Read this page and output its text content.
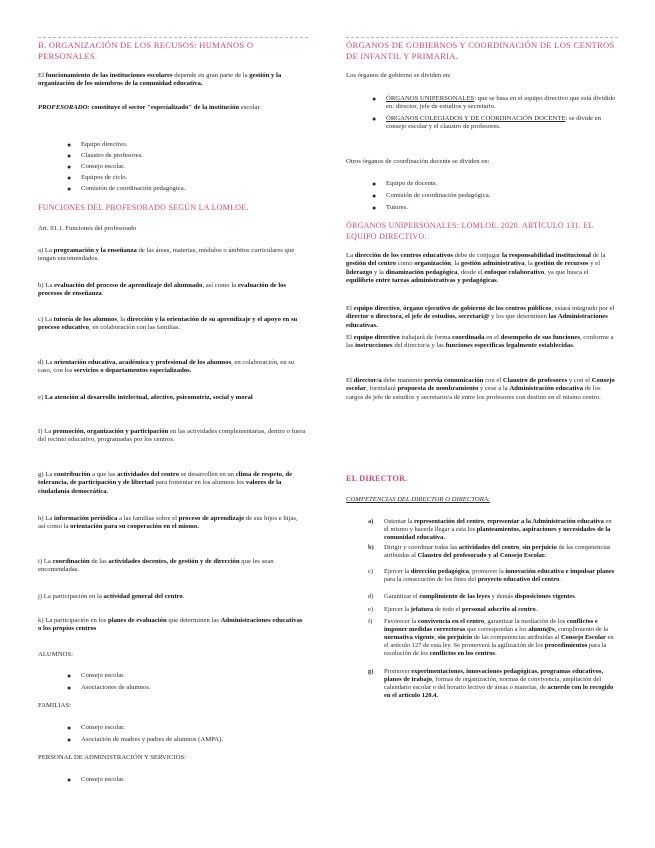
B. ORGANIZACIÓN DE LOS RECUSOS: HUMANOS O PERSONALES.
El funcionamiento de las instituciones escolares depende en gran parte de la gestión y la organización de los miembros de la comunidad educativa.
PROFESORADO: constituye el sector "especializado" de la institución escolar.
● Equipo directivo.
● Claustro de profesores.
● Consejo escolar.
● Equipos de ciclo.
● Comisión de coordinación pedagógica.
FUNCIONES DEL PROFESORADO SEGÚN LA LOMLOE.
Art. 91.1. Funciones del profesorado
a) La programación y la enseñanza de las áreas, materias, módulos o ámbitos curriculares que tengan encomendados.
b) La evaluación del proceso de aprendizaje del alumnado, así como la evaluación de los procesos de enseñanza.
c) La tutoría de los alumnos, la dirección y la orientación de su aprendizaje y el apoyo en su proceso educativo, en colaboración con las familias.
d) La orientación educativa, académica y profesional de los alumnos, en colaboración, en su caso, con los servicios o departamentos especializados.
e) La atención al desarrollo intelectual, afectivo, psicomotriz, social y moral
f) La promoción, organización y participación en las actividades complementarias, dentro o fuera del recinto educativo, programadas por los centros.
g) La contribución a que las actividades del centro se desarrollen en un clima de respeto, de tolerancia, de participación y de libertad para fomentar en los alumnos los valores de la ciudadanía democrática.
h) La información periódica a las familias sobre el proceso de aprendizaje de sus hijos e hijas, así como la orientación para su cooperación en el mismo.
i) La coordinación de las actividades docentes, de gestión y de dirección que les sean encomendadas.
j) La participación en la actividad general del centro.
k) La participación en los planes de evaluación que determinen las Administraciones educativas o los propios centros
ALUMNOS:
● Consejo escolar.
● Asociaciones de alumnos.
FAMILIAS:
● Consejo escolar.
● Asociación de madres y padres de alumnos (AMPA).
PERSONAL DE ADMINISTRACIÓN Y SERVICIOS:
● Consejo escolar.
ÓRGANOS DE GOBIERNOS Y COORDINACIÓN DE LOS CENTROS DE INFANTIL Y PRIMARIA.
Los órganos de gobierno se dividen en:
● ÓRGANOS UNIPERSONALES: que se basa en el equipo directivo que está dividido en: director, jefe de estudios y secretario.
● ÓRGANOS COLEGIADOS Y DE COORDINACIÓN DOCENTE: se divide en consejo escolar y el claustro de profesores.
Otros órganos de coordinación docente se dividen en:
● Equipo de docente.
● Comisión de coordinación pedagógica.
● Tutores.
ÓRGANOS UNIPERSONALES: LOMLOE. 2020. ARTÍCULO 131. EL EQUIPO DIRECTIVO.
La dirección de los centros educativos debe de conjugar la responsabilidad institucional de la gestión del centro como organización, la gestión administrativa, la gestión de recursos y el liderazgo y la dinamización pedagógica, desde el enfoque colaborativo, ya que busca el equilibrio entre tareas administrativas y pedagógicas.
El equipo directivo, órgano ejecutivo de gobierno de los centros públicos, estará integrado por el director o directora, el jefe de estudios, secretari@ y los que determinen las Administraciones educativas.
El equipo directivo trabajará de forma coordinada en el desempeño de sus funciones, conforme a las instrucciones del director/a y las funciones específicas legalmente establecidas.
El director/a debe mantener previa comunicación con el Claustro de profesores y con el Consejo escolar, formulará propuesta de nombramiento y cese a la Administración educativa de los cargos de jefe de estudios y secretario/a de entre los profesores con destino en el mismo centro.
EL DIRECTOR.
COMPETENCIAS DEL DIRECTOR O DIRECTORA:
a) Ostentar la representación del centro, representar a la Administración educativa en el mismo y hacerle llegar a esta los planteamientos, aspiraciones y necesidades de la comunidad educativa.
b) Dirigir y coordinar todas las actividades del centro, sin perjuicio de las competencias atribuidas al Claustro del profesorado y al Consejo Escolar.
c) Ejercer la dirección pedagógica, promover la innovación educativa e impulsar planes para la consecución de los fines del proyecto educativo del centro.
d) Garantizar el cumplimiento de las leyes y demás disposiciones vigentes.
e) Ejercer la jefatura de todo el personal adscrito al centro.
f) Favorecer la convivencia en el centro, garantizar la mediación de los conflictos e imponer medidas correctoras que correspondan a los alumn@s, cumplimiento de la normativa vigente, sin perjuicio de las competencias atribuidas al Consejo Escolar en el artículo 127 de esta ley. Se promoverá la agilización de los procedimientos para la resolución de los conflictos en los centros.
g) Promover experimentaciones, innovaciones pedagógicas, programas educativos, planes de trabajo, formas de organización, normas de convivencia, ampliación del calendario escolar o del horario lectivo de áreas o materias, de acuerdo con lo recogido en el artículo 120.4.
